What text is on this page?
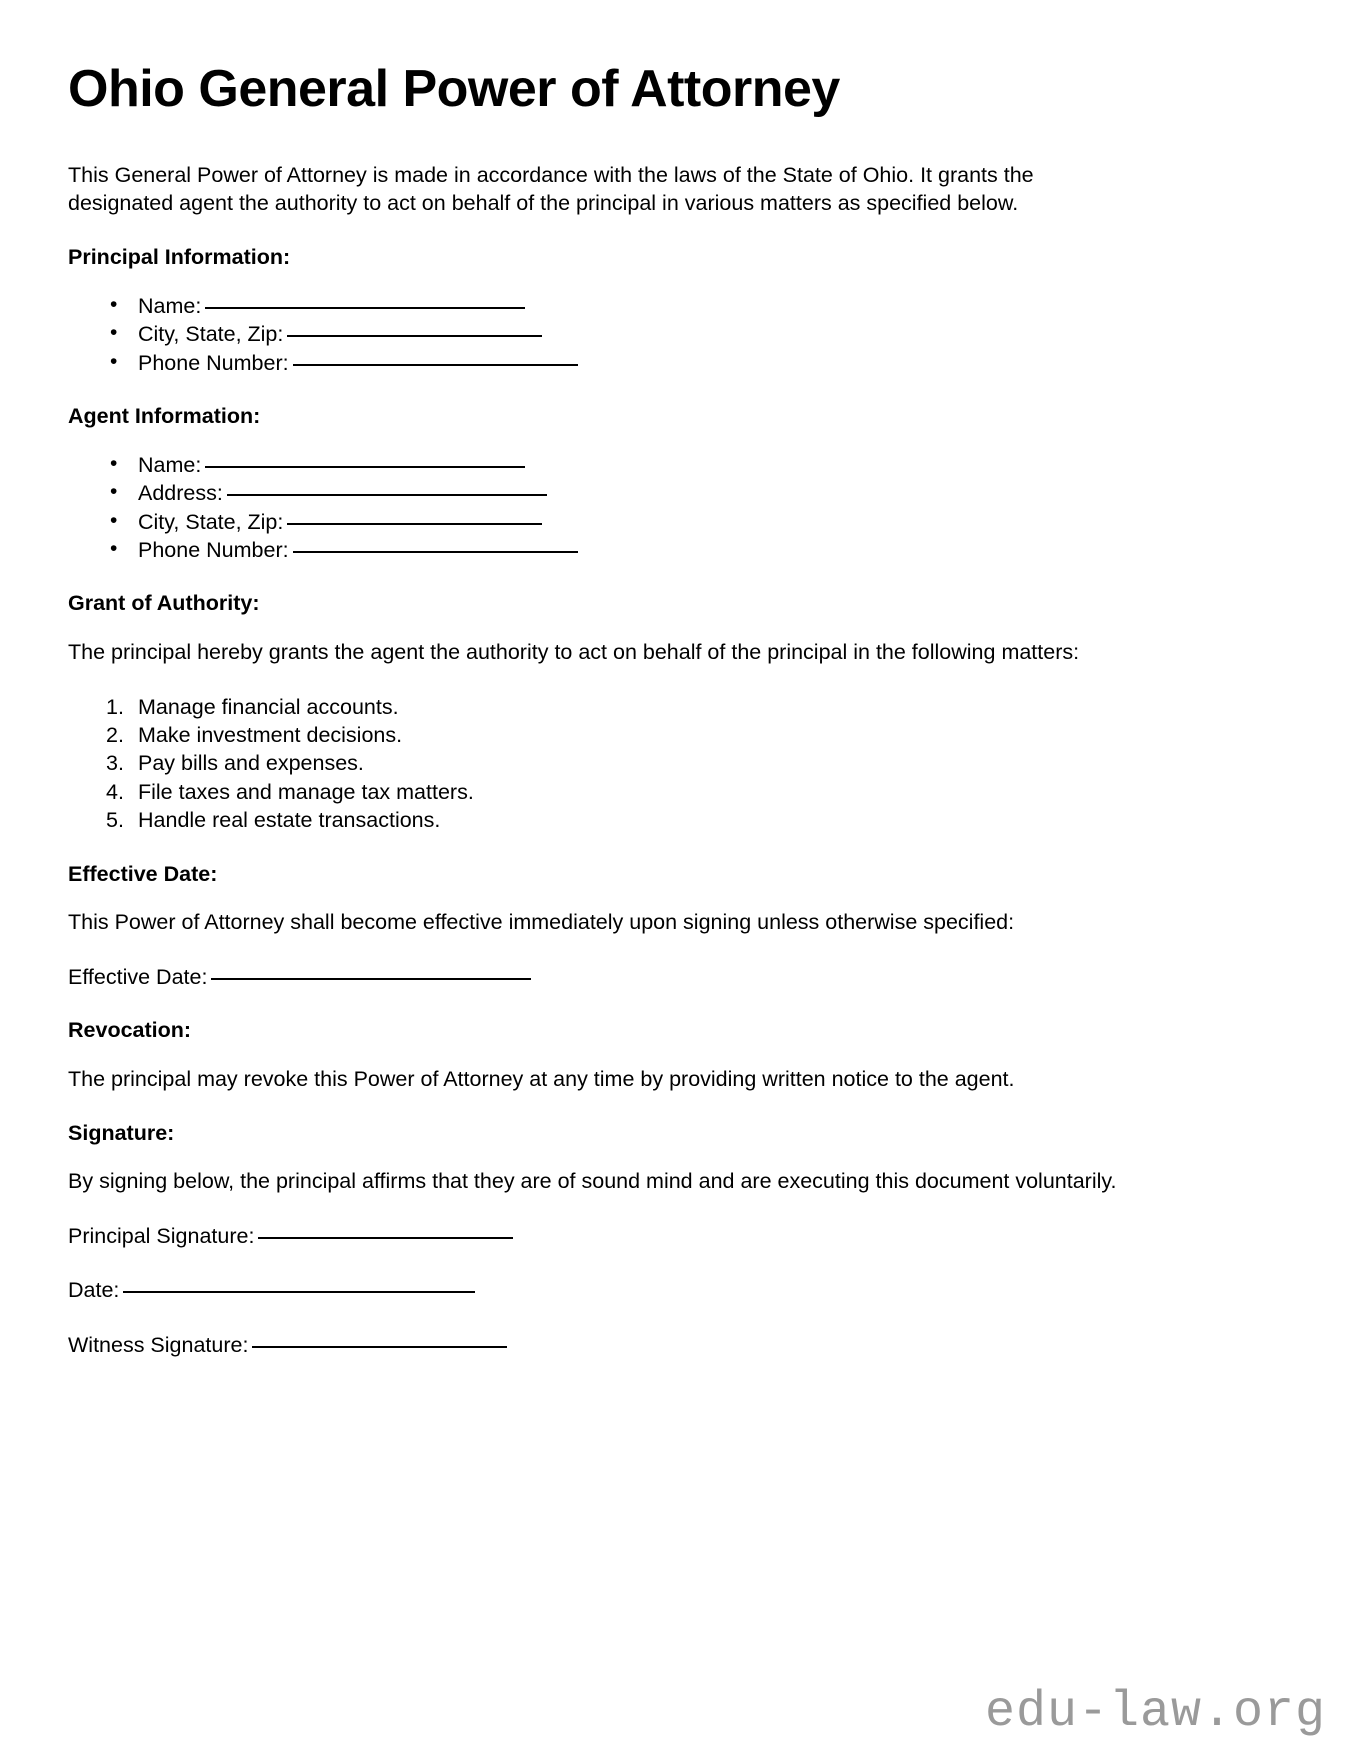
Ohio General Power of Attorney

This General Power of Attorney is made in accordance with the laws of the State of Ohio. It grants the designated agent the authority to act on behalf of the principal in various matters as specified below.

Principal Information:
• Name:
• City, State, Zip:
• Phone Number:
Agent Information:
• Name:
• Address:
• City, State, Zip:
• Phone Number:
Grant of Authority:

The principal hereby grants the agent the authority to act on behalf of the principal in the following matters:

Manage financial accounts.
Make investment decisions.
Pay bills and expenses.
File taxes and manage tax matters.
Handle real estate transactions.
Effective Date:

This Power of Attorney shall become effective immediately upon signing unless otherwise specified:

Effective Date:
Revocation:

The principal may revoke this Power of Attorney at any time by providing written notice to the agent.

Signature:

By signing below, the principal affirms that they are of sound mind and are executing this document voluntarily.

Principal Signature:
Date:
Witness Signature:
edu-law.org
